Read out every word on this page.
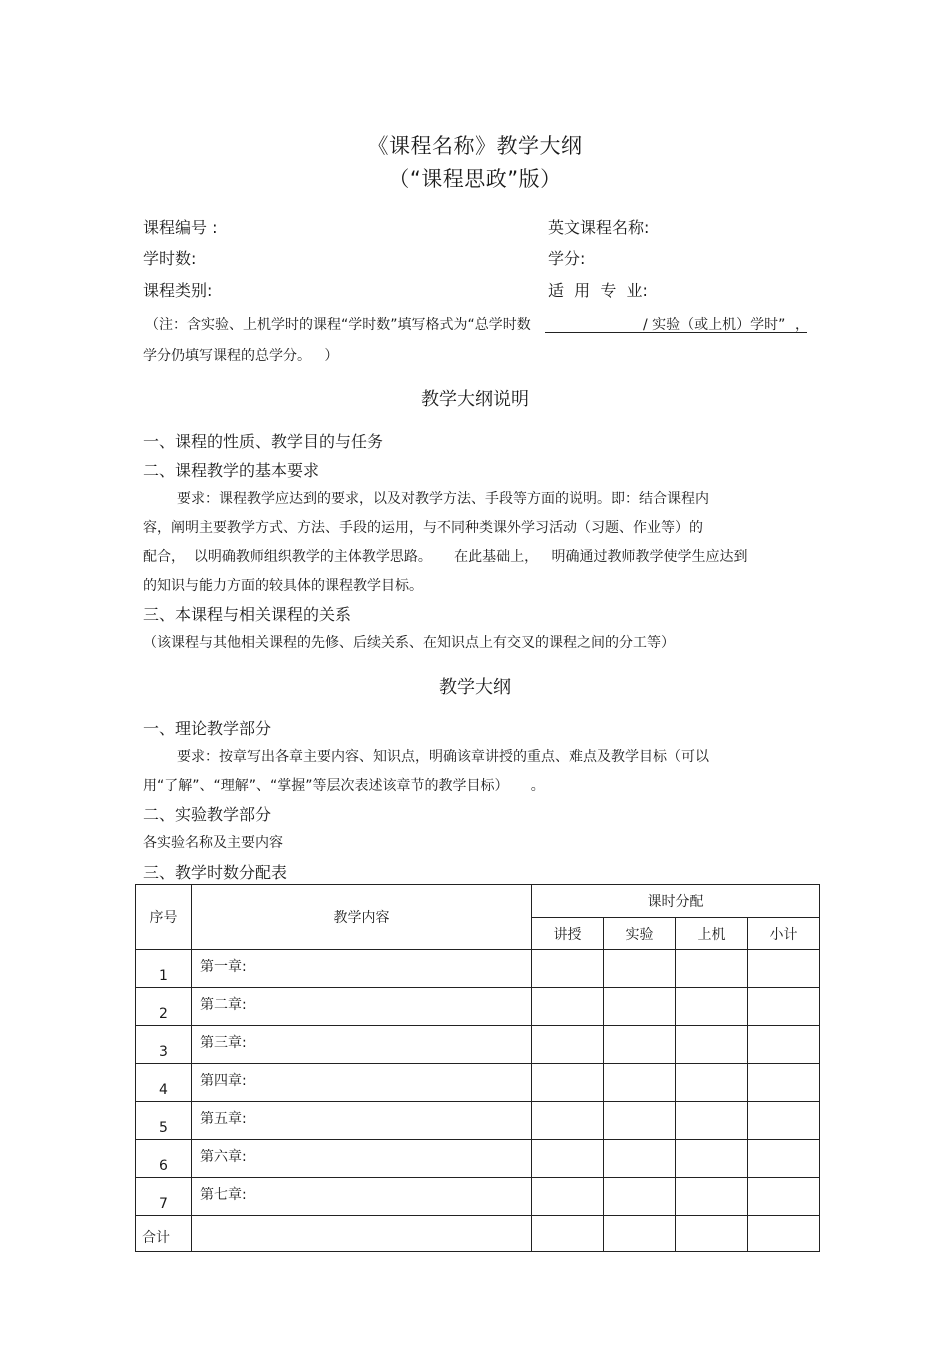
《课程名称》教学大纲
（“课程思政”版）
课程编号 :	英文课程名称:
学时数:	学分:
课程类别:	适  用  专  业:
（注：含实验、上机学时的课程“学时数”填写格式为“总学时数	/ 实验（或上机）学时” ，
学分仍填写课程的总学分。   ）
教学大纲说明
一、课程的性质、教学目的与任务
二、课程教学的基本要求
要求：课程教学应达到的要求，以及对教学方法、手段等方面的说明。即：结合课程内
容，阐明主要教学方式、方法、手段的运用，与不同种类课外学习活动（习题、作业等）的
配合，  以明确教师组织教学的主体教学思路。     在此基础上，   明确通过教师教学使学生应达到
的知识与能力方面的较具体的课程教学目标。
三、本课程与相关课程的关系
（该课程与其他相关课程的先修、后续关系、在知识点上有交叉的课程之间的分工等）
教学大纲
一、理论教学部分
要求：按章写出各章主要内容、知识点，明确该章讲授的重点、难点及教学目标（可以
用“了解”、“理解”、“掌握”等层次表述该章节的教学目标）     。
二、实验教学部分
各实验名称及主要内容
三、教学时数分配表
序号	教学内容	课时分配			
		讲授	实验	上机	小计
1	第一章:				
2	第二章:				
3	第三章:				
4	第四章:				
5	第五章:				
6	第六章:				
7	第七章:				
合计					
